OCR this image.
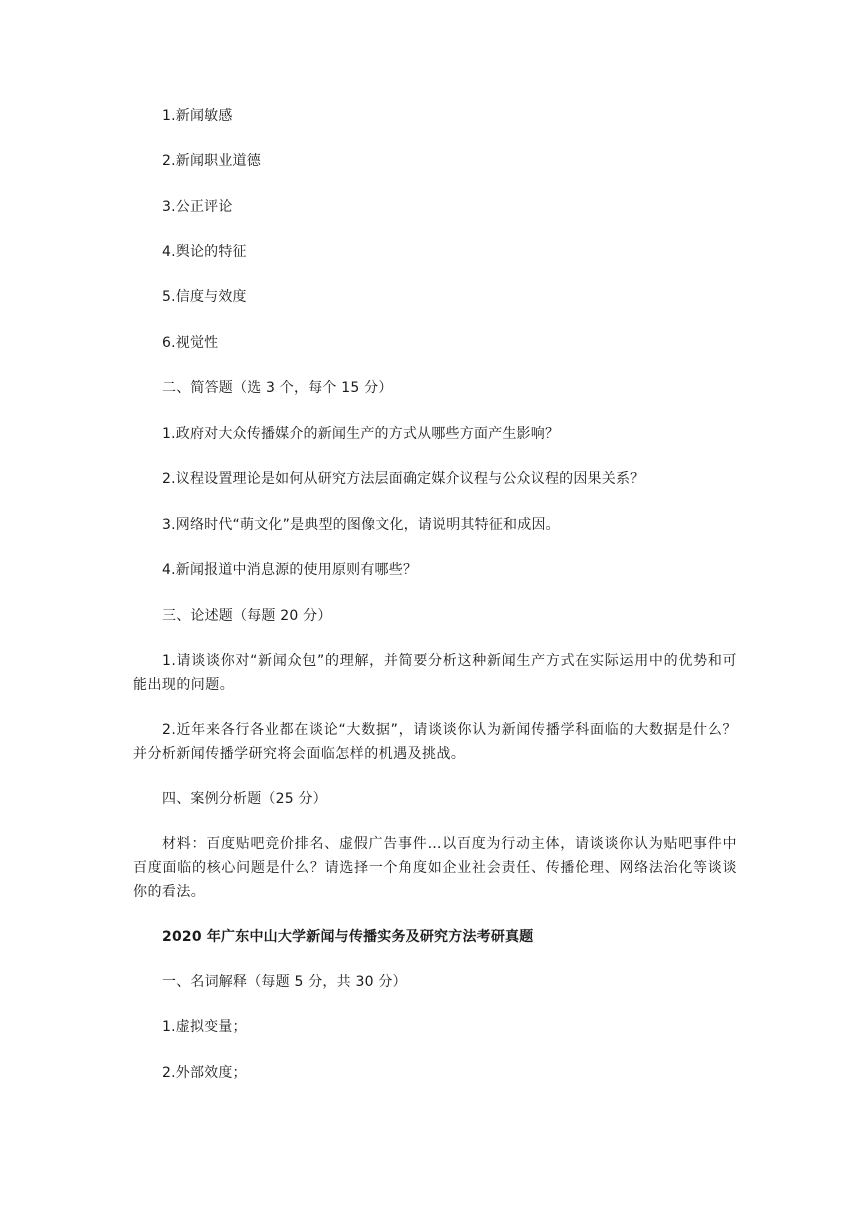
1.新闻敏感
2.新闻职业道德
3.公正评论
4.舆论的特征
5.信度与效度
6.视觉性
二、简答题（选 3 个，每个 15 分）
1.政府对大众传播媒介的新闻生产的方式从哪些方面产生影响？
2.议程设置理论是如何从研究方法层面确定媒介议程与公众议程的因果关系？
3.网络时代“萌文化”是典型的图像文化，请说明其特征和成因。
4.新闻报道中消息源的使用原则有哪些？
三、论述题（每题 20 分）
1.请谈谈你对“新闻众包”的理解，并简要分析这种新闻生产方式在实际运用中的优势和可能出现的问题。
2.近年来各行各业都在谈论“大数据”，请谈谈你认为新闻传播学科面临的大数据是什么？并分析新闻传播学研究将会面临怎样的机遇及挑战。
四、案例分析题（25 分）
材料：百度贴吧竞价排名、虚假广告事件…以百度为行动主体，请谈谈你认为贴吧事件中百度面临的核心问题是什么？请选择一个角度如企业社会责任、传播伦理、网络法治化等谈谈你的看法。
2020 年广东中山大学新闻与传播实务及研究方法考研真题
一、名词解释（每题 5 分，共 30 分）
1.虚拟变量；
2.外部效度；
